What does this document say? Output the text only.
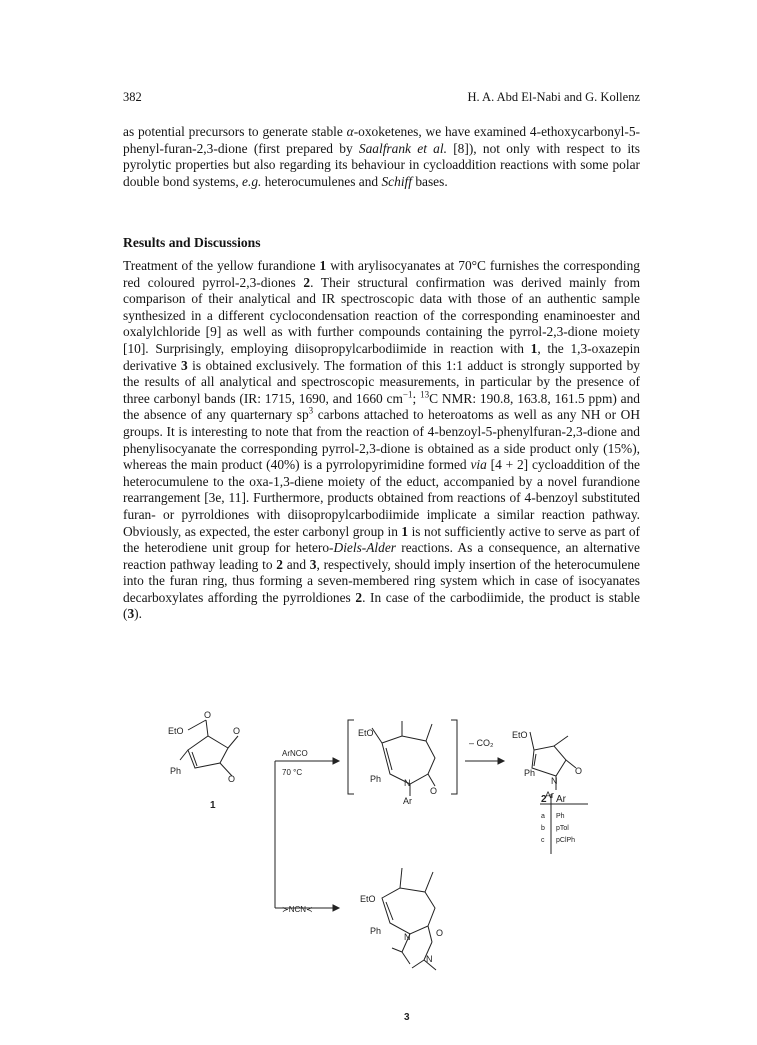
382	H. A. Abd El-Nabi and G. Kollenz
as potential precursors to generate stable α-oxoketenes, we have examined 4-ethoxycarbonyl-5-phenyl-furan-2,3-dione (first prepared by Saalfrank et al. [8]), not only with respect to its pyrolytic properties but also regarding its behaviour in cycloaddition reactions with some polar double bond systems, e.g. heterocumulenes and Schiff bases.
Results and Discussions
Treatment of the yellow furandione 1 with arylisocyanates at 70°C furnishes the corresponding red coloured pyrrol-2,3-diones 2. Their structural confirmation was derived mainly from comparison of their analytical and IR spectroscopic data with those of an authentic sample synthesized in a different cyclocondensation reaction of the corresponding enaminoester and oxalylchloride [9] as well as with further compounds containing the pyrrol-2,3-dione moiety [10]. Surprisingly, employing diisopropylcarbodiimide in reaction with 1, the 1,3-oxazepin derivative 3 is obtained exclusively. The formation of this 1:1 adduct is strongly supported by the results of all analytical and spectroscopic measurements, in particular by the presence of three carbonyl bands (IR: 1715, 1690, and 1660 $cm^{-1}$; $^{13}$C NMR: 190.8, 163.8, 161.5 ppm) and the absence of any quarternary $sp^3$ carbons attached to heteroatoms as well as any NH or OH groups. It is interesting to note that from the reaction of 4-benzoyl-5-phenylfuran-2,3-dione and phenylisocyanate the corresponding pyrrol-2,3-dione is obtained as a side product only (15%), whereas the main product (40%) is a pyrrolopyrimidine formed via [4 + 2] cycloaddition of the heterocumulene to the oxa-1,3-diene moiety of the educt, accompanied by a novel furandione rearrangement [3e, 11]. Furthermore, products obtained from reactions of 4-benzoyl substituted furan- or pyrroldiones with diisopropylcarbodiimide implicate a similar reaction pathway. Obviously, as expected, the ester carbonyl group in 1 is not sufficiently active to serve as part of the heterodiene unit group for hetero-Diels-Alder reactions. As a consequence, an alternative reaction pathway leading to 2 and 3, respectively, should imply insertion of the heterocumulene into the furan ring, thus forming a seven-membered ring system which in case of isocyanates decarboxylates affording the pyrroldiones 2. In case of the carbodiimide, the product is stable (3).
EtO
Ph
O
O
O
1
ArNCO
70 °C
EtO
Ph	N
Ar
O
– CO₂
EtO
Ph
N
O
Ar
2 Ar
a Ph
b pTol
c pClPh
≻NCN≺
EtO
Ph
N	O
N
3
